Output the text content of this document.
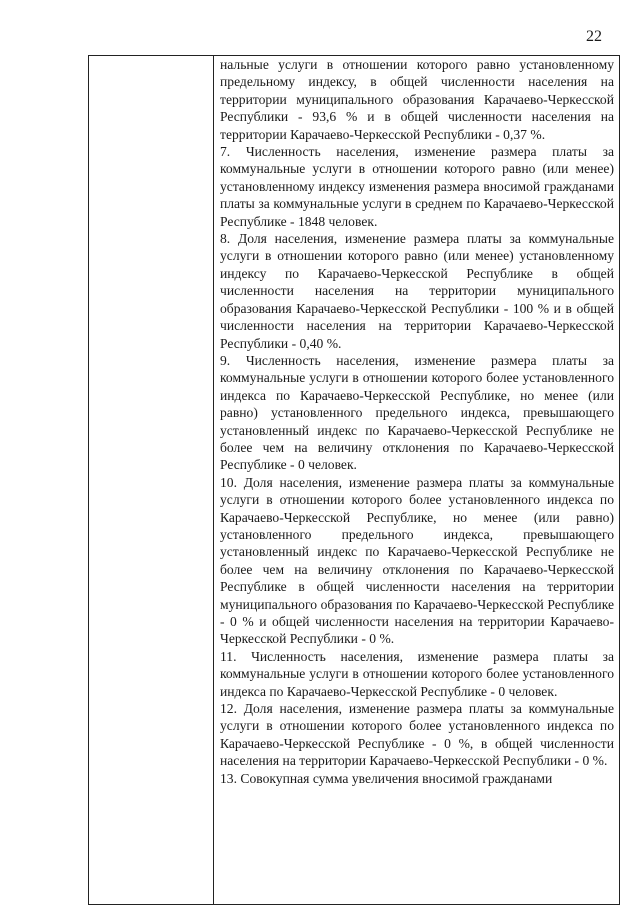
22

нальные услуги в отношении которого равно установленному предельному индексу, в общей численности населения на территории муниципального образования Карачаево-Черкесской Республики - 93,6 % и в общей численности населения на территории Карачаево-Черкесской Республики - 0,37 %.

7. Численность населения, изменение размера платы за коммунальные услуги в отношении которого равно (или менее) установленному индексу изменения размера вносимой гражданами платы за коммунальные услуги в среднем по Карачаево-Черкесской Республике - 1848 человек.

8. Доля населения, изменение размера платы за коммунальные услуги в отношении которого равно (или менее) установленному индексу по Карачаево-Черкесской Республике в общей численности населения на территории муниципального образования Карачаево-Черкесской Республики - 100 % и в общей численности населения на территории Карачаево-Черкесской Республики - 0,40 %.

9. Численность населения, изменение размера платы за коммунальные услуги в отношении которого более установленного индекса по Карачаево-Черкесской Республике, но менее (или равно) установленного предельного индекса, превышающего установленный индекс по Карачаево-Черкесской Республике не более чем на величину отклонения по Карачаево-Черкесской Республике - 0 человек.

10. Доля населения, изменение размера платы за коммунальные услуги в отношении которого более установленного индекса по Карачаево-Черкесской Республике, но менее (или равно) установленного предельного индекса, превышающего установленный индекс по Карачаево-Черкесской Республике не более чем на величину отклонения по Карачаево-Черкесской Республике в общей численности населения на территории муниципального образования по Карачаево-Черкесской Республике - 0 % и общей численности населения на территории Карачаево-Черкесской Республики - 0 %.

11. Численность населения, изменение размера платы за коммунальные услуги в отношении которого более установленного индекса по Карачаево-Черкесской Республике - 0 человек.

12. Доля населения, изменение размера платы за коммунальные услуги в отношении которого более установленного индекса по Карачаево-Черкесской Республике - 0 %, в общей численности населения на территории Карачаево-Черкесской Республики - 0 %.

13. Совокупная сумма увеличения вносимой гражданами
